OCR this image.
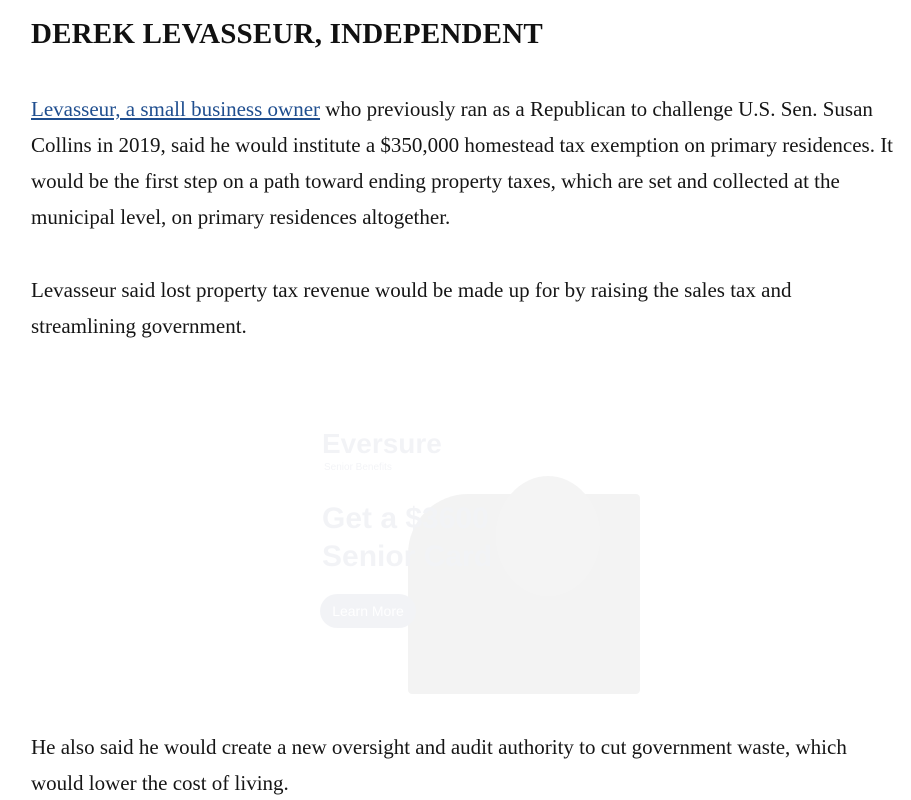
DEREK LEVASSEUR, INDEPENDENT

Levasseur, a small business owner who previously ran as a Republican to challenge U.S. Sen. Susan Collins in 2019, said he would institute a $350,000 homestead tax exemption on primary residences. It would be the first step on a path toward ending property taxes, which are set and collected at the municipal level, on primary residences altogether.

Levasseur said lost property tax revenue would be made up for by raising the sales tax and streamlining government.

He also said he would create a new oversight and audit authority to cut government waste, which would lower the cost of living.

Eversure
Senior Benefits
Get a $3600 Senior Card
Learn More
